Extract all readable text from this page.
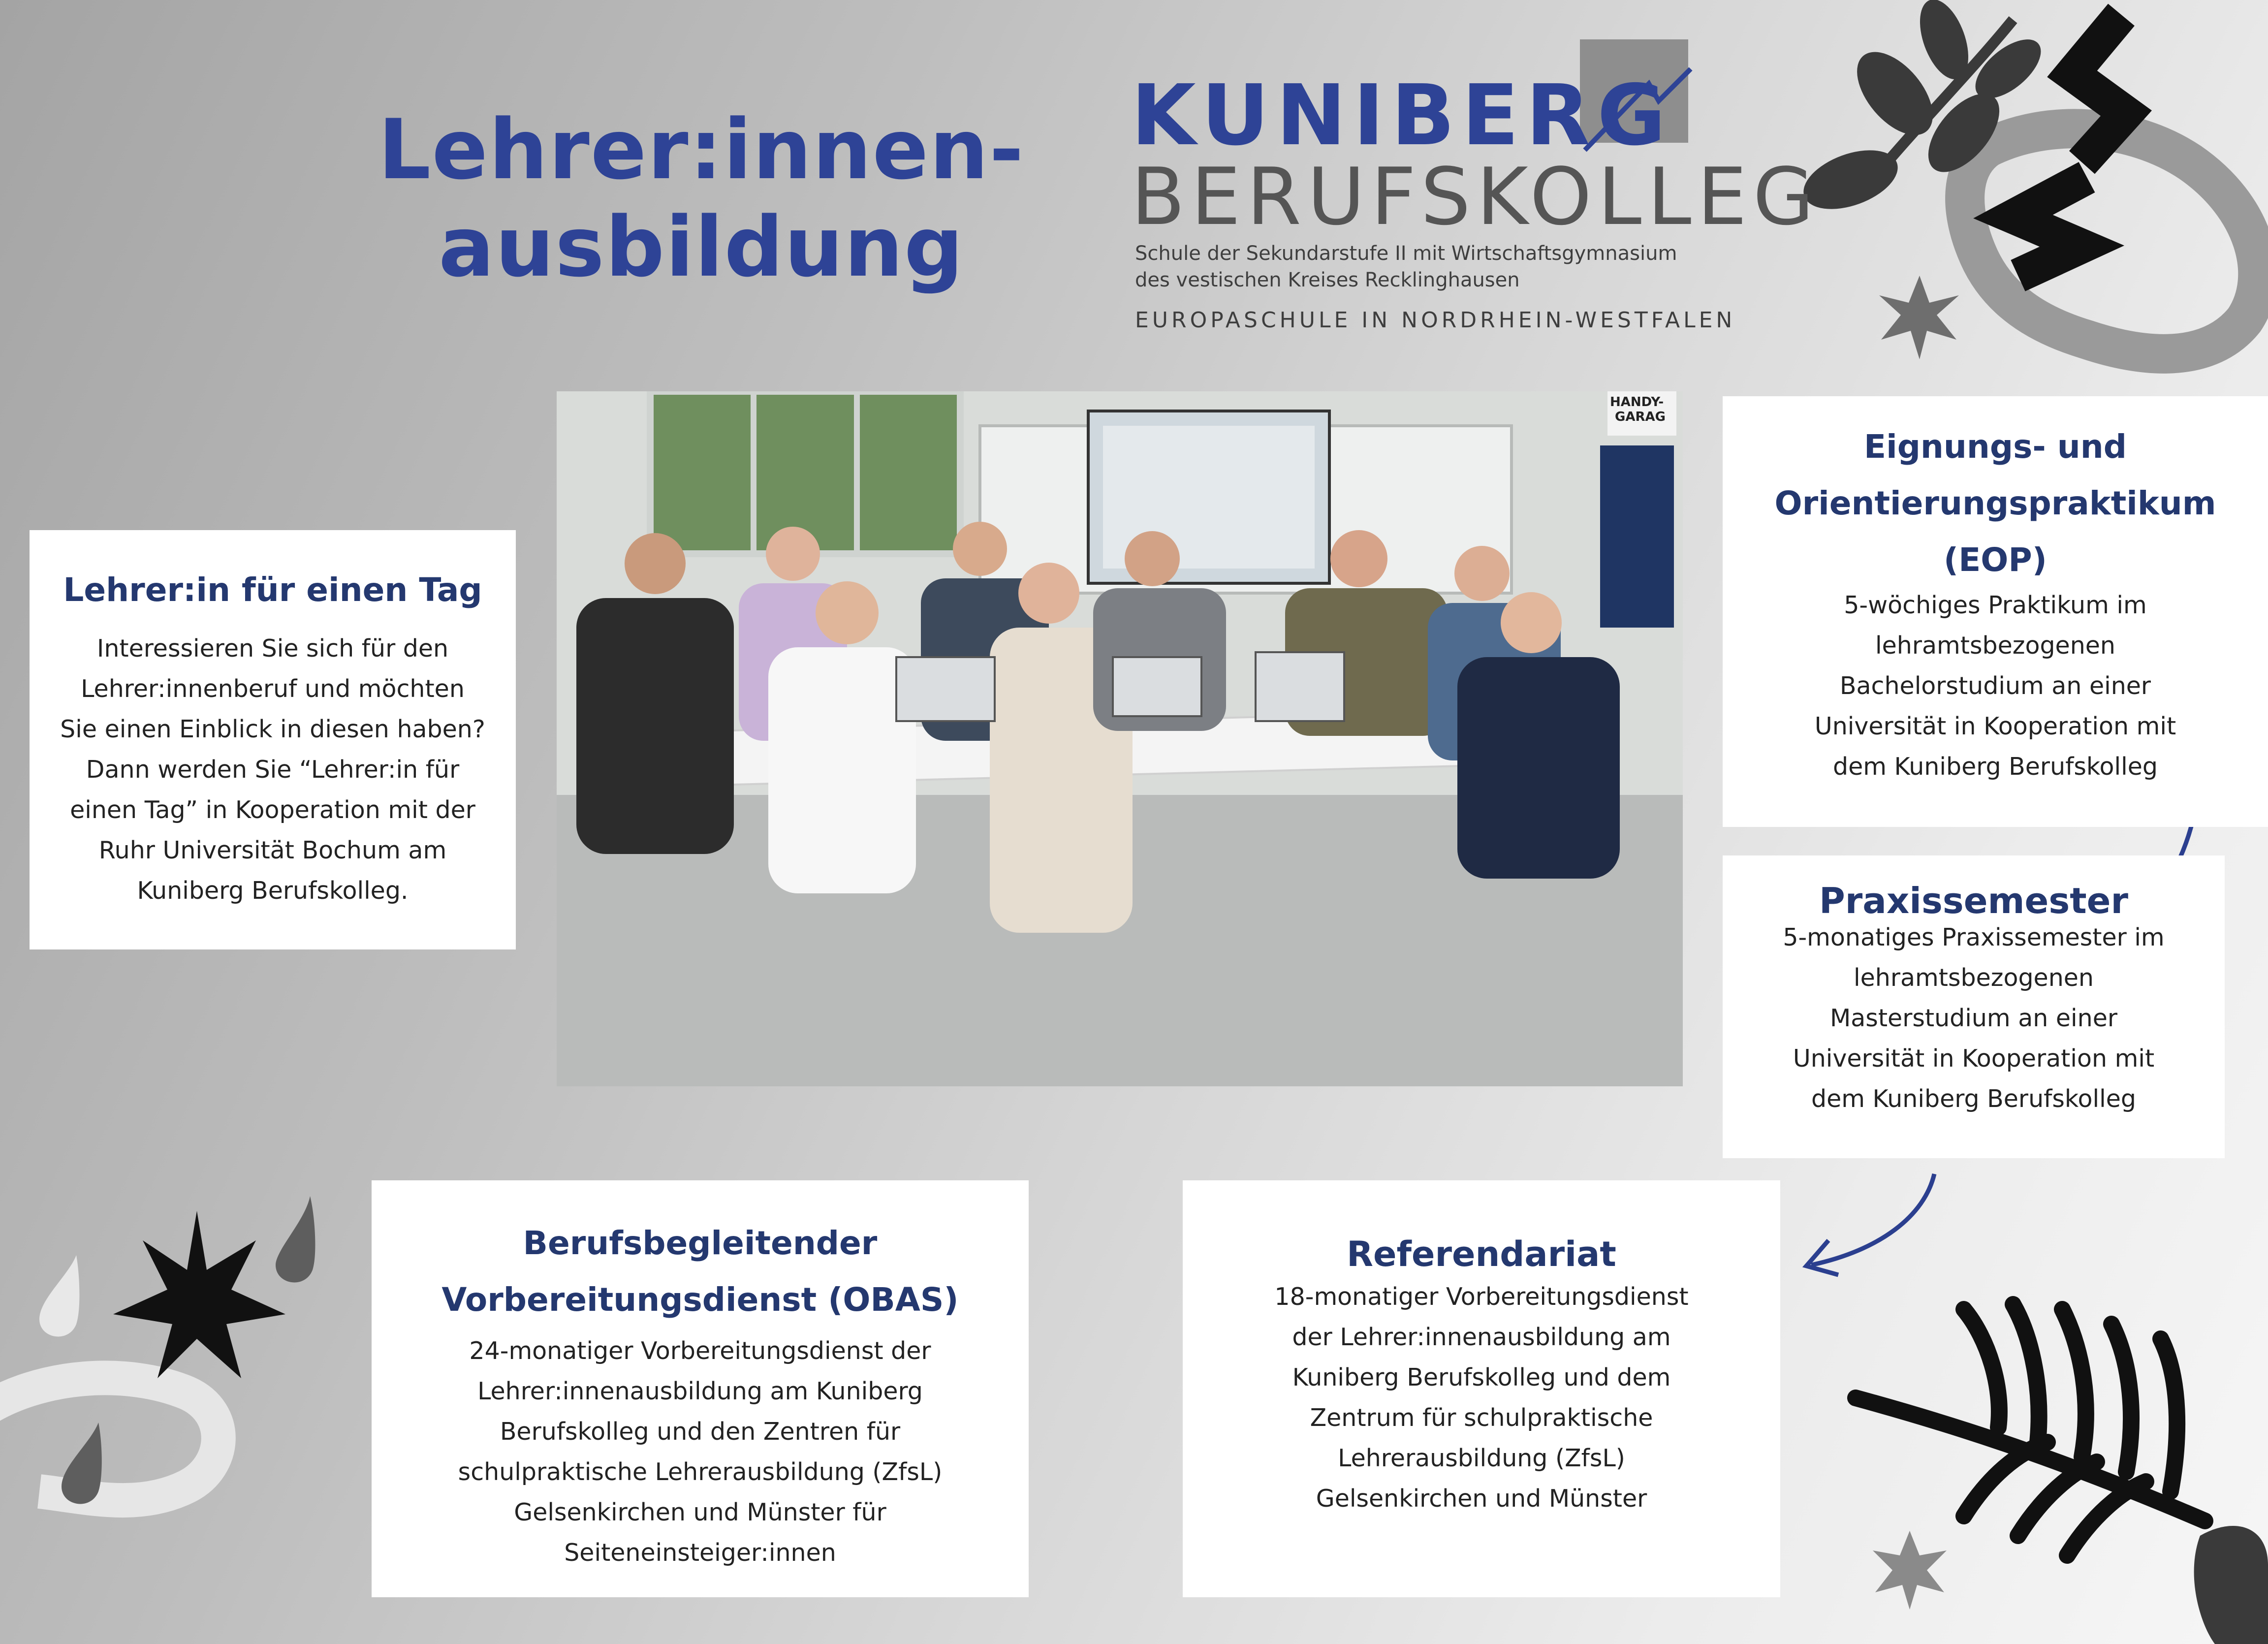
Lehrer:innen-
ausbildung
KUNIBERG
BERUFSKOLLEG
Schule der Sekundarstufe II mit Wirtschaftsgymnasium
des vestischen Kreises Recklinghausen
EUROPASCHULE IN NORDRHEIN-WESTFALEN
HANDY-
GARAG
Lehrer:in für einen Tag
Interessieren Sie sich für den
Lehrer:innenberuf und möchten
Sie einen Einblick in diesen haben?
Dann werden Sie “Lehrer:in für
einen Tag” in Kooperation mit der
Ruhr Universität Bochum am
Kuniberg Berufskolleg.
Eignungs- und
Orientierungspraktikum
(EOP)
5-wöchiges Praktikum im
lehramtsbezogenen
Bachelorstudium an einer
Universität in Kooperation mit
dem Kuniberg Berufskolleg
Praxissemester
5-monatiges Praxissemester im
lehramtsbezogenen
Masterstudium an einer
Universität in Kooperation mit
dem Kuniberg Berufskolleg
Berufsbegleitender
Vorbereitungsdienst (OBAS)
24-monatiger Vorbereitungsdienst der
Lehrer:innenausbildung am Kuniberg
Berufskolleg und den Zentren für
schulpraktische Lehrerausbildung (ZfsL)
Gelsenkirchen und Münster für
Seiteneinsteiger:innen
Referendariat
18-monatiger Vorbereitungsdienst
der Lehrer:innenausbildung am
Kuniberg Berufskolleg und dem
Zentrum für schulpraktische
Lehrerausbildung (ZfsL)
Gelsenkirchen und Münster
